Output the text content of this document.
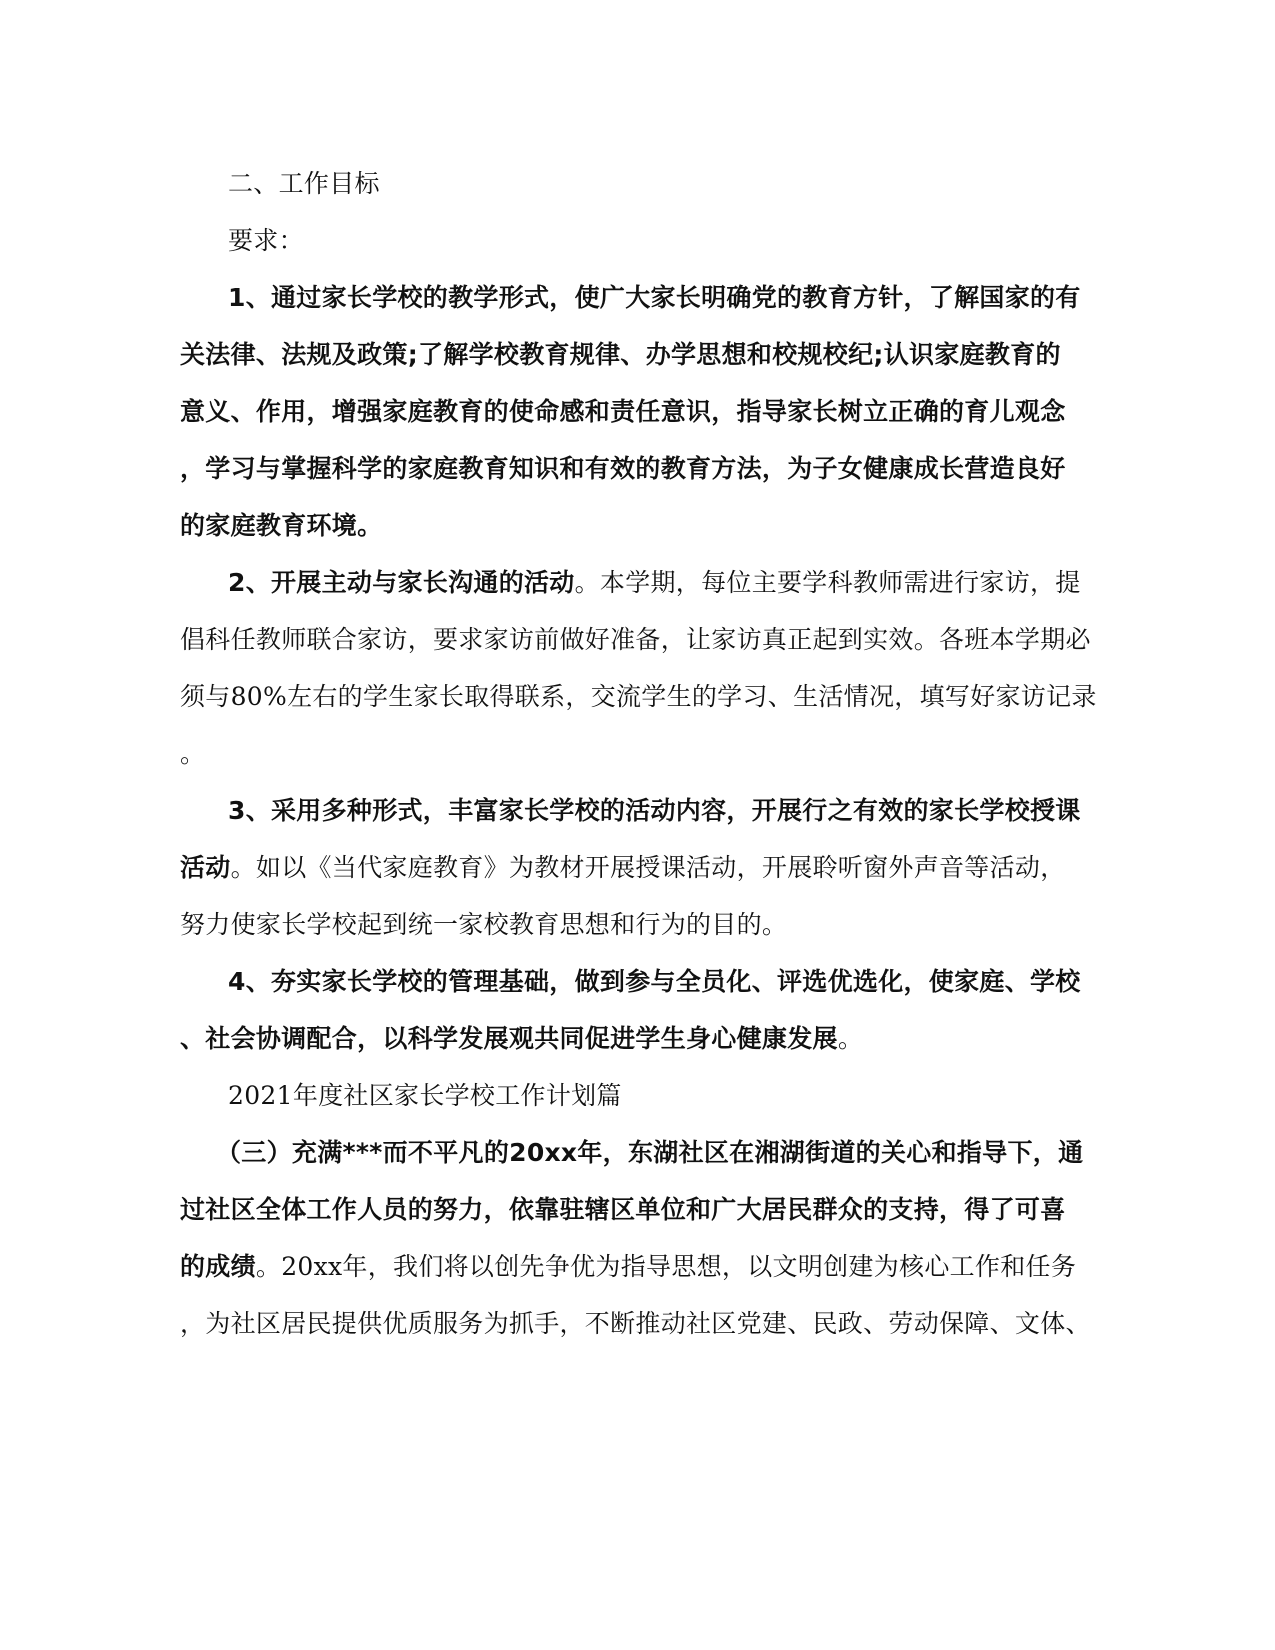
二、工作目标
要求：
1、通过家长学校的教学形式，使广大家长明确党的教育方针，了解国家的有
关法律、法规及政策;了解学校教育规律、办学思想和校规校纪;认识家庭教育的
意义、作用，增强家庭教育的使命感和责任意识，指导家长树立正确的育儿观念
，学习与掌握科学的家庭教育知识和有效的教育方法，为子女健康成长营造良好
的家庭教育环境。
2、开展主动与家长沟通的活动。本学期，每位主要学科教师需进行家访，提
倡科任教师联合家访，要求家访前做好准备，让家访真正起到实效。各班本学期必
须与80%左右的学生家长取得联系，交流学生的学习、生活情况，填写好家访记录
。
3、采用多种形式，丰富家长学校的活动内容，开展行之有效的家长学校授课
活动。如以《当代家庭教育》为教材开展授课活动，开展聆听窗外声音等活动，
努力使家长学校起到统一家校教育思想和行为的目的。
4、夯实家长学校的管理基础，做到参与全员化、评选优选化，使家庭、学校
、社会协调配合，以科学发展观共同促进学生身心健康发展。
2021年度社区家长学校工作计划篇
（三）充满***而不平凡的20xx年，东湖社区在湘湖街道的关心和指导下，通
过社区全体工作人员的努力，依靠驻辖区单位和广大居民群众的支持，得了可喜
的成绩。20xx年，我们将以创先争优为指导思想，以文明创建为核心工作和任务
，为社区居民提供优质服务为抓手，不断推动社区党建、民政、劳动保障、文体、
